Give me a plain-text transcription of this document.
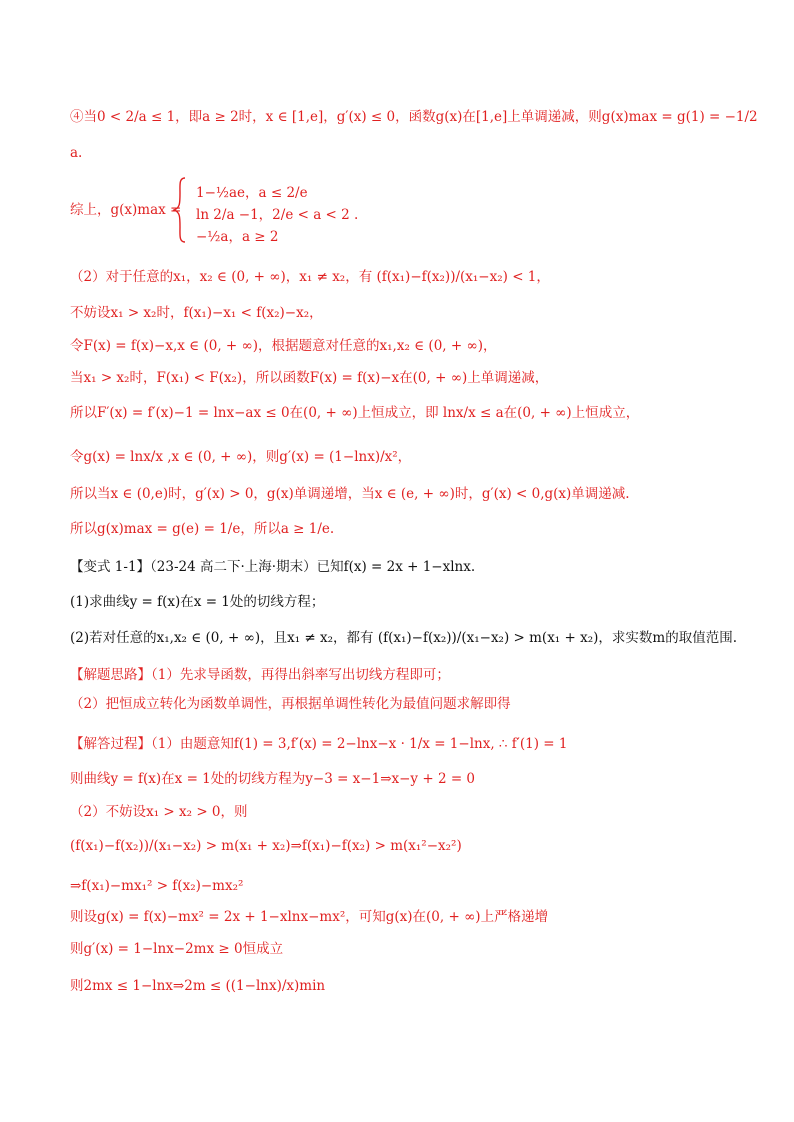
④当0 < 2/a ≤ 1，即a ≥ 2时，x ∈ [1,e]，g′(x) ≤ 0，函数g(x)在[1,e]上单调递减，则g(x)max = g(1) = −1/2
a.
综上，g(x)max =
1−½ae，a ≤ 2/e
ln 2/a −1，2/e < a < 2 .
−½a，a ≥ 2
（2）对于任意的x₁，x₂ ∈ (0, + ∞)，x₁ ≠ x₂，有 (f(x₁)−f(x₂))/(x₁−x₂) < 1，
不妨设x₁ > x₂时，f(x₁)−x₁ < f(x₂)−x₂，
令F(x) = f(x)−x,x ∈ (0, + ∞)，根据题意对任意的x₁,x₂ ∈ (0, + ∞)，
当x₁ > x₂时，F(x₁) < F(x₂)，所以函数F(x) = f(x)−x在(0, + ∞)上单调递减，
所以F′(x) = f′(x)−1 = lnx−ax ≤ 0在(0, + ∞)上恒成立，即 lnx/x ≤ a在(0, + ∞)上恒成立，
令g(x) = lnx/x ,x ∈ (0, + ∞)，则g′(x) = (1−lnx)/x²，
所以当x ∈ (0,e)时，g′(x) > 0，g(x)单调递增，当x ∈ (e, + ∞)时，g′(x) < 0,g(x)单调递减.
所以g(x)max = g(e) = 1/e，所以a ≥ 1/e.
【变式 1-1】（23-24 高二下·上海·期末）已知f(x) = 2x + 1−xlnx.
(1)求曲线y = f(x)在x = 1处的切线方程；
(2)若对任意的x₁,x₂ ∈ (0, + ∞)，且x₁ ≠ x₂，都有 (f(x₁)−f(x₂))/(x₁−x₂) > m(x₁ + x₂)，求实数m的取值范围.
【解题思路】（1）先求导函数，再得出斜率写出切线方程即可；
（2）把恒成立转化为函数单调性，再根据单调性转化为最值问题求解即得
【解答过程】（1）由题意知f(1) = 3,f′(x) = 2−lnx−x · 1/x = 1−lnx, ∴ f′(1) = 1
则曲线y = f(x)在x = 1处的切线方程为y−3 = x−1⇒x−y + 2 = 0
（2）不妨设x₁ > x₂ > 0，则
(f(x₁)−f(x₂))/(x₁−x₂) > m(x₁ + x₂)⇒f(x₁)−f(x₂) > m(x₁²−x₂²)
⇒f(x₁)−mx₁² > f(x₂)−mx₂²
则设g(x) = f(x)−mx² = 2x + 1−xlnx−mx²，可知g(x)在(0, + ∞)上严格递增
则g′(x) = 1−lnx−2mx ≥ 0恒成立
则2mx ≤ 1−lnx⇒2m ≤ ((1−lnx)/x)min
